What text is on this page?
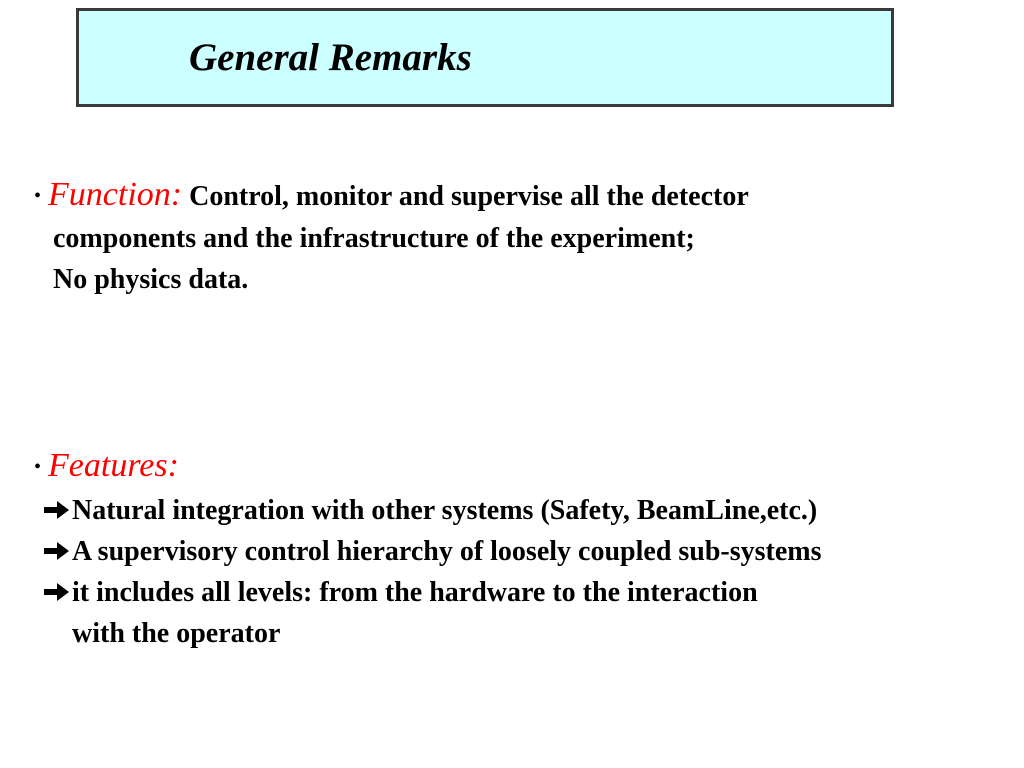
General Remarks
• Function: Control, monitor and supervise all the detector
components and the infrastructure of the experiment;
No physics data.
• Features:
Natural integration with other systems (Safety, BeamLine,etc.)
A supervisory control hierarchy of loosely coupled sub-systems
it includes all levels: from the hardware to the interaction
with the operator
